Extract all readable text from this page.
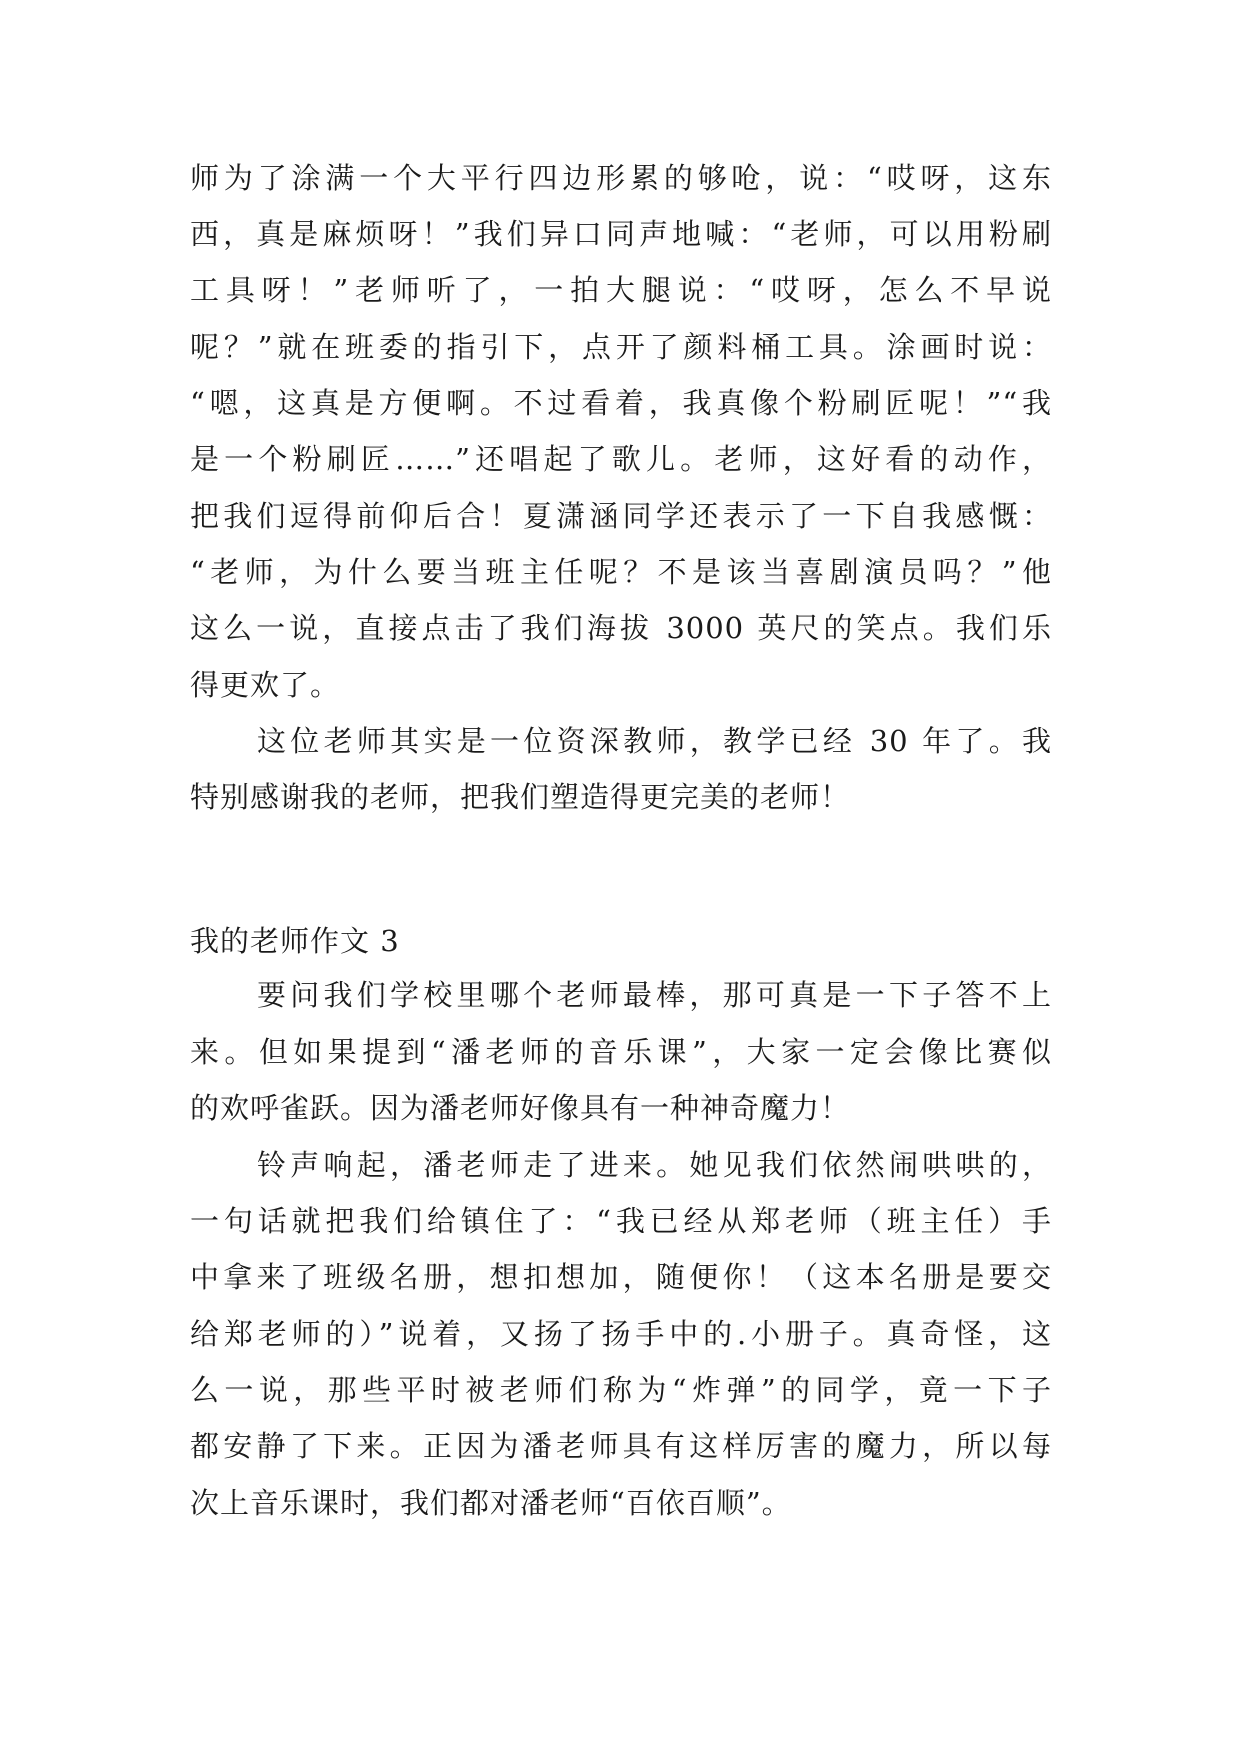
师为了涂满一个大平行四边形累的够呛，说：“哎呀，这东
西，真是麻烦呀！”我们异口同声地喊：“老师，可以用粉刷
工具呀！”老师听了，一拍大腿说：“哎呀，怎么不早说
呢？”就在班委的指引下，点开了颜料桶工具。涂画时说：
“嗯，这真是方便啊。不过看着，我真像个粉刷匠呢！”“我
是一个粉刷匠……”还唱起了歌儿。老师，这好看的动作，
把我们逗得前仰后合！夏潇涵同学还表示了一下自我感慨：
“老师，为什么要当班主任呢？不是该当喜剧演员吗？”他
这么一说，直接点击了我们海拔 3000 英尺的笑点。我们乐
得更欢了。
这位老师其实是一位资深教师，教学已经 30 年了。我
特别感谢我的老师，把我们塑造得更完美的老师！
我的老师作文 3
要问我们学校里哪个老师最棒，那可真是一下子答不上
来。但如果提到“潘老师的音乐课”，大家一定会像比赛似
的欢呼雀跃。因为潘老师好像具有一种神奇魔力！
铃声响起，潘老师走了进来。她见我们依然闹哄哄的，
一句话就把我们给镇住了：“我已经从郑老师（班主任）手
中拿来了班级名册，想扣想加，随便你！（这本名册是要交
给郑老师的）”说着，又扬了扬手中的.小册子。真奇怪，这
么一说，那些平时被老师们称为“炸弹”的同学，竟一下子
都安静了下来。正因为潘老师具有这样厉害的魔力，所以每
次上音乐课时，我们都对潘老师“百依百顺”。
